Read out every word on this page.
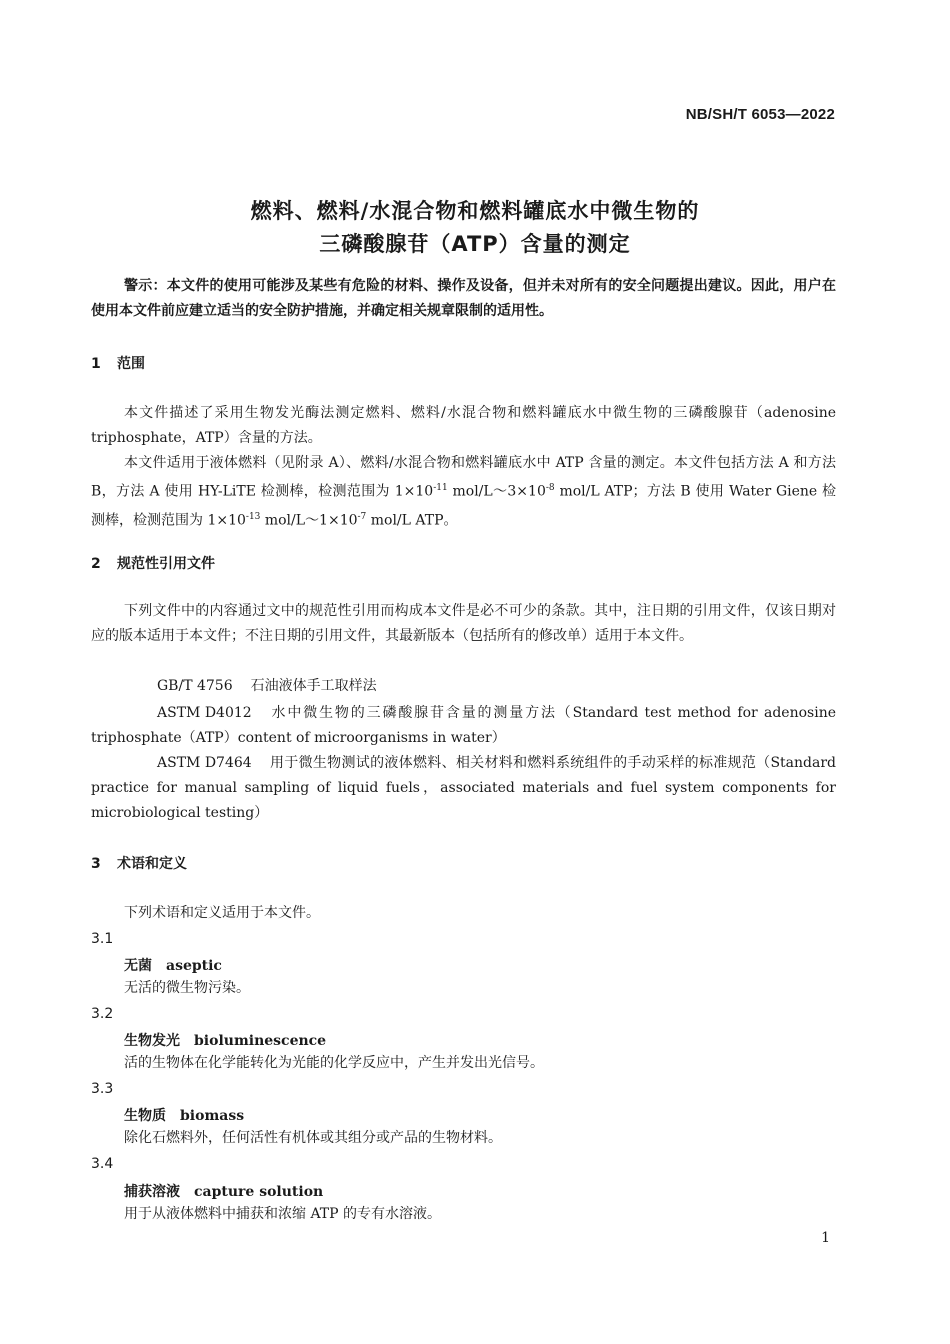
NB/SH/T 6053—2022
燃料、燃料/水混合物和燃料罐底水中微生物的
三磷酸腺苷（ATP）含量的测定

警示：本文件的使用可能涉及某些有危险的材料、操作及设备，但并未对所有的安全问题提出建议。因此，用户在使用本文件前应建立适当的安全防护措施，并确定相关规章限制的适用性。

1 范围

本文件描述了采用生物发光酶法测定燃料、燃料/水混合物和燃料罐底水中微生物的三磷酸腺苷（adenosine triphosphate，ATP）含量的方法。

本文件适用于液体燃料（见附录 A）、燃料/水混合物和燃料罐底水中 ATP 含量的测定。本文件包括方法 A 和方法 B，方法 A 使用 HY-LiTE 检测棒，检测范围为 $1\times 10^{-11}$ mol/$L\sim 3\times 10^{-8}$ mol/L ATP；方法 B 使用 Water Giene 检测棒，检测范围为 $1\times 10^{-13}$ mol/$L\sim 1\times 10^{-7}$ mol/L ATP。

2 规范性引用文件

下列文件中的内容通过文中的规范性引用而构成本文件是必不可少的条款。其中，注日期的引用文件，仅该日期对应的版本适用于本文件；不注日期的引用文件，其最新版本（包括所有的修改单）适用于本文件。

GB/T 4756 石油液体手工取样法

ASTM D4012 水中微生物的三磷酸腺苷含量的测量方法（Standard test method for adenosine triphosphate（ATP）content of microorganisms in water）

ASTM D7464 用于微生物测试的液体燃料、相关材料和燃料系统组件的手动采样的标准规范（Standard practice for manual sampling of liquid fuels，associated materials and fuel system components for microbiological testing）

3 术语和定义
下列术语和定义适用于本文件。
3.1
无菌 aseptic
无活的微生物污染。
3.2
生物发光 bioluminescence
活的生物体在化学能转化为光能的化学反应中，产生并发出光信号。
3.3
生物质 biomass
除化石燃料外，任何活性有机体或其组分或产品的生物材料。
3.4
捕获溶液 capture solution
用于从液体燃料中捕获和浓缩 ATP 的专有水溶液。
1
